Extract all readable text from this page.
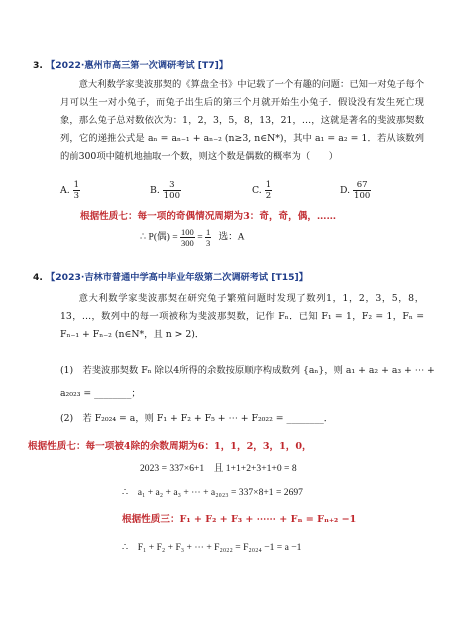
3. 【2022·惠州市高三第一次调研考试 [T7]】
意大利数学家斐波那契的《算盘全书》中记载了一个有趣的问题：已知一对兔子每个月可以生一对小兔子，而兔子出生后的第三个月就开始生小兔子．假设没有发生死亡现象，那么兔子总对数依次为：1，2，3，5，8，13，21，…，这就是著名的斐波那契数列，它的递推公式是 aₙ = aₙ₋₁ + aₙ₋₂ (n≥3, n∈N*)，其中 a₁ = a₂ = 1．若从该数列的前300项中随机地抽取一个数，则这个数是偶数的概率为（　　）
A. $\frac{1}{3}$	B. $\frac{3}{100}$	C. $\frac{1}{2}$	D. $\frac{67}{100}$
根据性质七：每一项的奇偶情况周期为3：奇，奇，偶，……
∴ P(偶) = $\frac{100}{300} = \frac{1}{3}$ 选：A
4. 【2023·吉林市普通中学高中毕业年级第二次调研考试 [T15]】
意大利数学家斐波那契在研究兔子繁殖问题时发现了数列1，1，2，3，5，8，13，…，数列中的每一项被称为斐波那契数，记作 Fₙ．已知 F₁ = 1，F₂ = 1，Fₙ = Fₙ₋₁ + Fₙ₋₂ (n∈N*，且 n > 2)．
(1)　若斐波那契数 Fₙ 除以4所得的余数按原顺序构成数列 {aₙ}，则 a₁ + a₂ + a₃ + ⋯ +
a₂₀₂₃ = ________；
(2)　若 F₂₀₂₄ = a，则 F₁ + F₂ + F₅ + ⋯ + F₂₀₂₂ = ________．
根据性质七：每一项被4除的余数周期为6：1，1，2，3，1，0，
2023 = 337×6+1　且 1+1+2+3+1+0 = 8
∴　a₁ + a₂ + a₃ + ⋯ + a₂₀₂₃ = 337×8+1 = 2697
根据性质三：F₁ + F₂ + F₃ + ⋯⋯ + Fₙ = Fₙ₊₂ −1
∴　F₁ + F₂ + F₃ + ⋯ + F₂₀₂₂ = F₂₀₂₄ −1 = a −1
